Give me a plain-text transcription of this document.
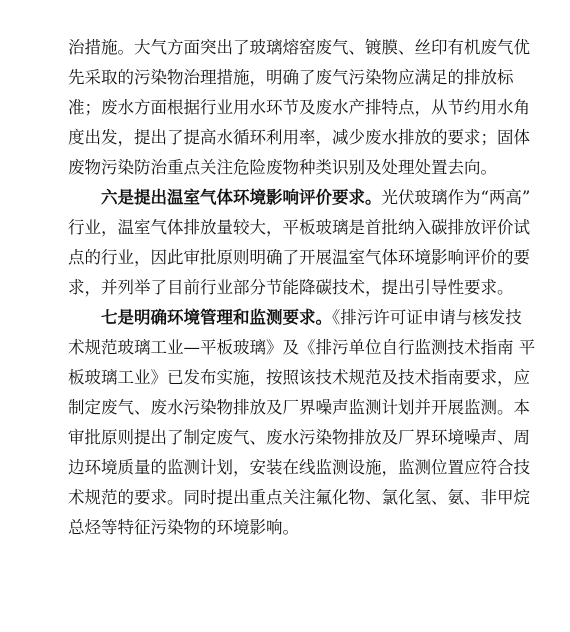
治措施。大气方面突出了玻璃熔窑废气、镀膜、丝印有机废气优
先采取的污染物治理措施，明确了废气污染物应满足的排放标
准；废水方面根据行业用水环节及废水产排特点，从节约用水角
度出发，提出了提高水循环利用率，减少废水排放的要求；固体
废物污染防治重点关注危险废物种类识别及处理处置去向。
六是提出温室气体环境影响评价要求。光伏玻璃作为“两高”
行业，温室气体排放量较大，平板玻璃是首批纳入碳排放评价试
点的行业，因此审批原则明确了开展温室气体环境影响评价的要
求，并列举了目前行业部分节能降碳技术，提出引导性要求。
七是明确环境管理和监测要求。《排污许可证申请与核发技
术规范玻璃工业—平板玻璃》及《排污单位自行监测技术指南 平
板玻璃工业》已发布实施，按照该技术规范及技术指南要求，应
制定废气、废水污染物排放及厂界噪声监测计划并开展监测。本
审批原则提出了制定废气、废水污染物排放及厂界环境噪声、周
边环境质量的监测计划，安装在线监测设施，监测位置应符合技
术规范的要求。同时提出重点关注氟化物、氯化氢、氨、非甲烷
总烃等特征污染物的环境影响。
